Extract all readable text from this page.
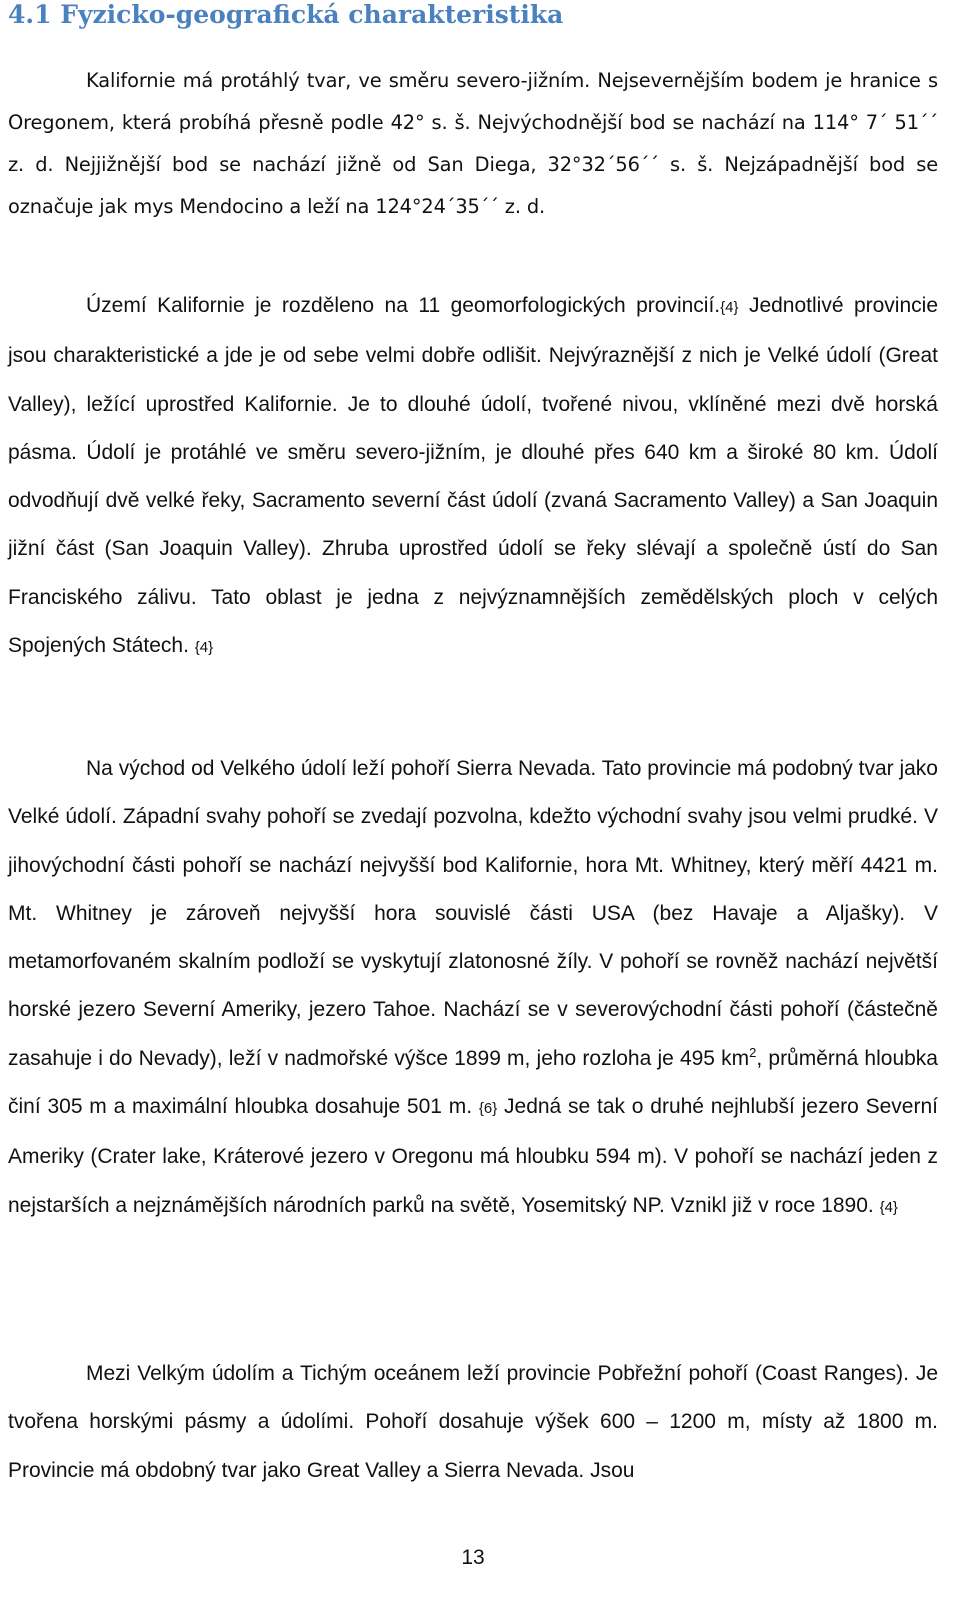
4.1 Fyzicko-geografická charakteristika

Kalifornie má protáhlý tvar, ve směru severo-jižním. Nejsevernějším bodem je hranice s Oregonem, která probíhá přesně podle 42° s. š. Nejvýchodnější bod se nachází na 114° 7´ 51´´ z. d. Nejjižnější bod se nachází jižně od San Diega, 32°32´56´´ s. š. Nejzápadnější bod se označuje jak mys Mendocino a leží na 124°24´35´´ z. d.

Území Kalifornie je rozděleno na 11 geomorfologických provincií.{4} Jednotlivé provincie jsou charakteristické a jde je od sebe velmi dobře odlišit. Nejvýraznější z nich je Velké údolí (Great Valley), ležící uprostřed Kalifornie. Je to dlouhé údolí, tvořené nivou, vklíněné mezi dvě horská pásma. Údolí je protáhlé ve směru severo-jižním, je dlouhé přes 640 km a široké 80 km. Údolí odvodňují dvě velké řeky, Sacramento severní část údolí (zvaná Sacramento Valley) a San Joaquin jižní část (San Joaquin Valley). Zhruba uprostřed údolí se řeky slévají a společně ústí do San Franciského zálivu. Tato oblast je jedna z nejvýznamnějších zemědělských ploch v celých Spojených Státech. {4}

Na východ od Velkého údolí leží pohoří Sierra Nevada. Tato provincie má podobný tvar jako Velké údolí. Západní svahy pohoří se zvedají pozvolna, kdežto východní svahy jsou velmi prudké. V jihovýchodní části pohoří se nachází nejvyšší bod Kalifornie, hora Mt. Whitney, který měří 4421 m. Mt. Whitney je zároveň nejvyšší hora souvislé části USA (bez Havaje a Aljašky). V metamorfovaném skalním podloží se vyskytují zlatonosné žíly. V pohoří se rovněž nachází největší horské jezero Severní Ameriky, jezero Tahoe. Nachází se v severovýchodní části pohoří (částečně zasahuje i do Nevady), leží v nadmořské výšce 1899 m, jeho rozloha je 495 $km^2$, průměrná hloubka činí 305 m a maximální hloubka dosahuje 501 m. {6} Jedná se tak o druhé nejhlubší jezero Severní Ameriky (Crater lake, Kráterové jezero v Oregonu má hloubku 594 m). V pohoří se nachází jeden z nejstarších a nejznámějších národních parků na světě, Yosemitský NP. Vznikl již v roce 1890. {4}

Mezi Velkým údolím a Tichým oceánem leží provincie Pobřežní pohoří (Coast Ranges). Je tvořena horskými pásmy a údolími. Pohoří dosahuje výšek 600 – 1200 m, místy až 1800 m. Provincie má obdobný tvar jako Great Valley a Sierra Nevada. Jsou

13
